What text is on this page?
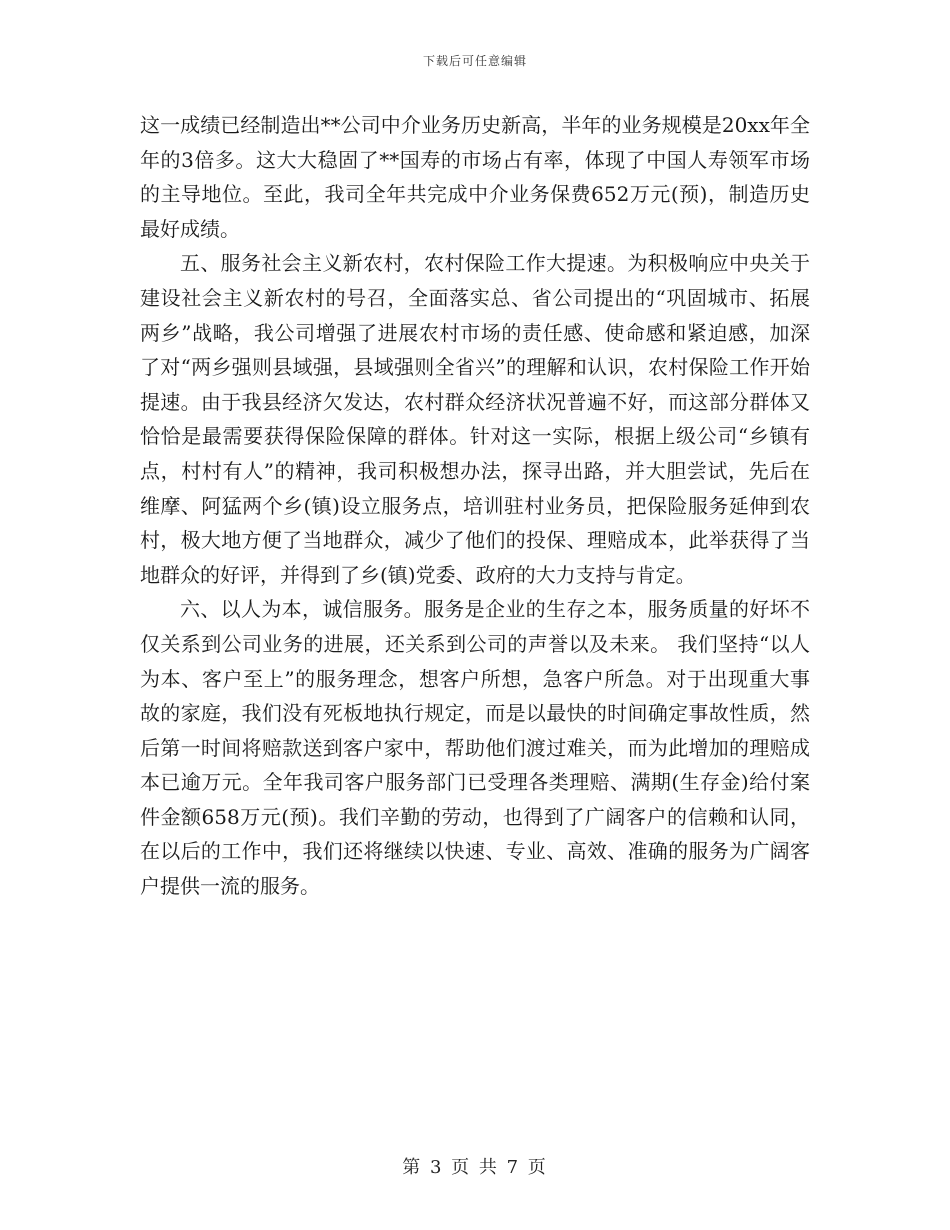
下载后可任意编辑

这一成绩已经制造出**公司中介业务历史新高，半年的业务规模是20xx年全年的3倍多。这大大稳固了**国寿的市场占有率，体现了中国人寿领军市场的主导地位。至此，我司全年共完成中介业务保费652万元(预)，制造历史最好成绩。

五、服务社会主义新农村，农村保险工作大提速。为积极响应中央关于建设社会主义新农村的号召，全面落实总、省公司提出的“巩固城市、拓展两乡”战略，我公司增强了进展农村市场的责任感、使命感和紧迫感，加深了对“两乡强则县域强，县域强则全省兴”的理解和认识，农村保险工作开始提速。由于我县经济欠发达，农村群众经济状况普遍不好，而这部分群体又恰恰是最需要获得保险保障的群体。针对这一实际，根据上级公司“乡镇有点，村村有人”的精神，我司积极想办法，探寻出路，并大胆尝试，先后在维摩、阿猛两个乡(镇)设立服务点，培训驻村业务员，把保险服务延伸到农村，极大地方便了当地群众，减少了他们的投保、理赔成本，此举获得了当地群众的好评，并得到了乡(镇)党委、政府的大力支持与肯定。

六、以人为本，诚信服务。服务是企业的生存之本，服务质量的好坏不仅关系到公司业务的进展，还关系到公司的声誉以及未来。 我们坚持“以人为本、客户至上”的服务理念，想客户所想，急客户所急。对于出现重大事故的家庭，我们没有死板地执行规定，而是以最快的时间确定事故性质，然后第一时间将赔款送到客户家中，帮助他们渡过难关，而为此增加的理赔成本已逾万元。全年我司客户服务部门已受理各类理赔、满期(生存金)给付案件金额658万元(预)。我们辛勤的劳动，也得到了广阔客户的信赖和认同，在以后的工作中，我们还将继续以快速、专业、高效、准确的服务为广阔客户提供一流的服务。

第 3 页 共 7 页
